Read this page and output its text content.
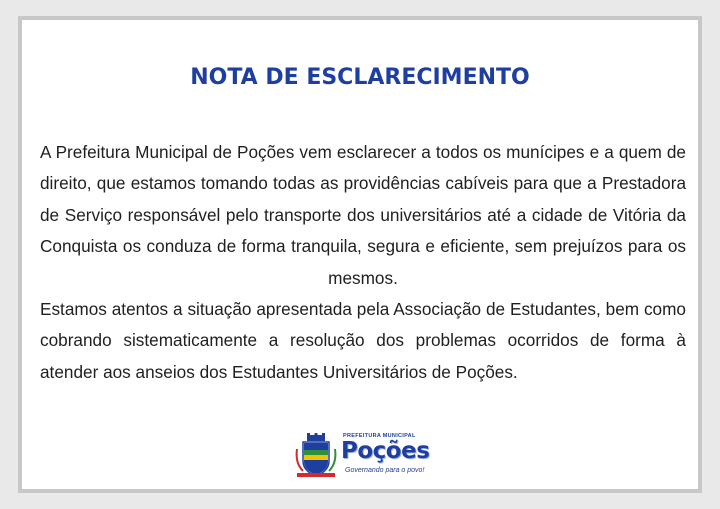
NOTA DE ESCLARECIMENTO

A Prefeitura Municipal de Poções vem esclarecer a todos os munícipes e a quem de direito, que estamos tomando todas as providências cabíveis para que a Prestadora de Serviço responsável pelo transporte dos universitários até a cidade de Vitória da Conquista os conduza de forma tranquila, segura e eficiente, sem prejuízos para os mesmos.

Estamos atentos a situação apresentada pela Associação de Estudantes, bem como cobrando sistematicamente a resolução dos problemas ocorridos de forma à atender aos anseios dos Estudantes Universitários de Poções.

PREFEITURA MUNICIPAL
Poções
Governando para o povo!
